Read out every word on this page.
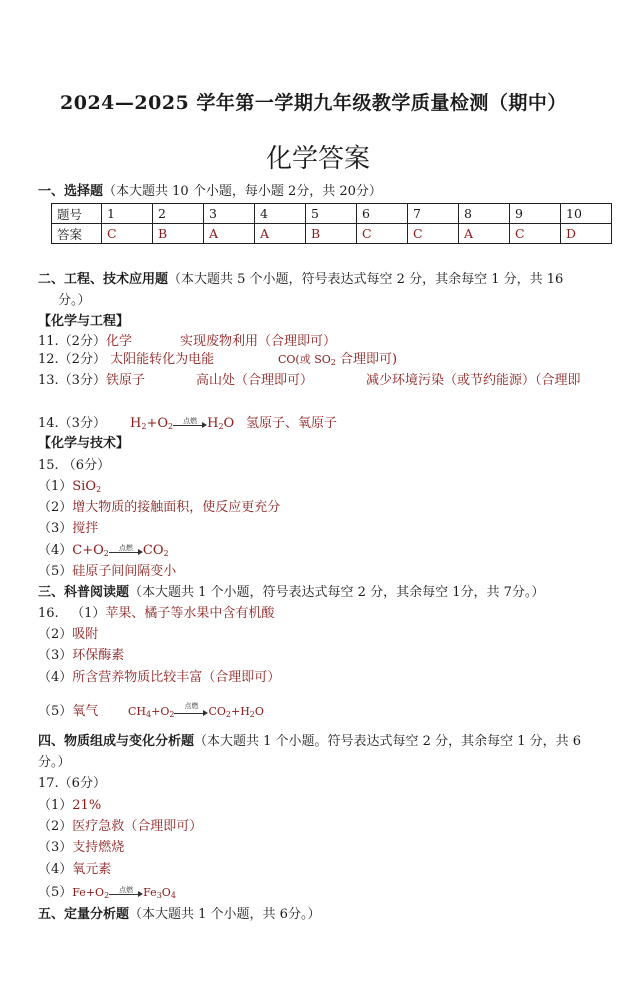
2024—2025 学年第一学期九年级教学质量检测（期中）
化学答案
一、选择题（本大题共 10 个小题，每小题 2分，共 20分）
题号	1	2	3	4	5	6	7	8	9	10
答案	C	B	A	A	B	C	C	A	C	D
二、工程、技术应用题（本大题共 5 个小题，符号表达式每空 2 分，其余每空 1 分，共 16
分。）
【化学与工程】
11.（2分）化学	实现废物利用（合理即可）
12.（2分） 太阳能转化为电能	CO(或 $SO_2$ 合理即可)
13.（3分）铁原子	高山处（合理即可）	减少环境污染（或节约能源）（合理即
14.（3分） $H_2+O_2$
点燃 $H_2O$ 氢原子、氧原子
【化学与技术】
15. （6分）
（1）SiO$_2$
（2）增大物质的接触面积，使反应更充分
（3）搅拌
$(4)C+O_2$
点燃 $CO_2$
（5）硅原子间间隔变小
三、科普阅读题（本大题共 1 个小题，符号表达式每空 2 分，其余每空 1分，共 7分。）
16.   （1）苹果、橘子等水果中含有机酸
（2）吸附
（3）环保酶素
（4）所含营养物质比较丰富（合理即可）
（5）氧气	$CH_4+O_2$
点燃 $CO_2+H_2O$
四、物质组成与变化分析题（本大题共 1 个小题。符号表达式每空 2 分，其余每空 1 分，共 6
分。）
17.（6分）
（1）21%
（2）医疗急救（合理即可）
（3）支持燃烧
（4）氧元素
$(5)Fe+O_2$
点燃 $Fe_3O_4$
五、定量分析题（本大题共 1 个小题，共 6分。）
